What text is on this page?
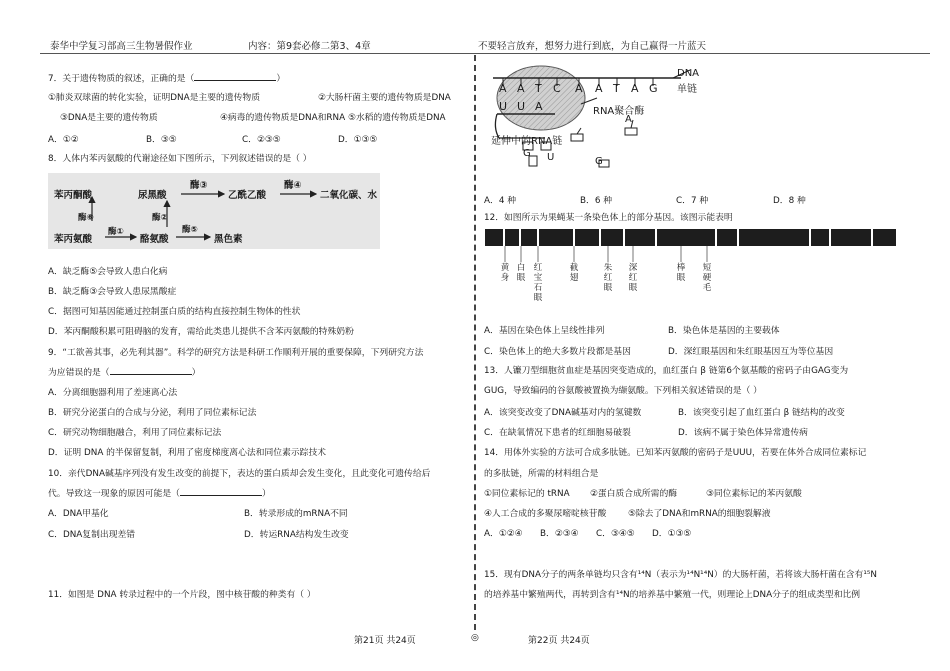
泰华中学复习部高三生物暑假作业	内容：第9套必修二第3、4章	不要轻言放弃，想努力进行到底，为自己赢得一片蓝天
7．关于遗传物质的叙述，正确的是（	）
①肺炎双球菌的转化实验，证明DNA是主要的遗传物质	②大肠杆菌主要的遗传物质是DNA
③DNA是主要的遗传物质	④病毒的遗传物质是DNA和RNA ⑤水稻的遗传物质是DNA
A．①②	B．③⑤	C．②③⑤	D．①③⑤
8．人体内苯丙氨酸的代谢途径如下图所示，下列叙述错误的是（ ）
苯丙酮酸	尿黑酸
酶③
乙酰乙酸
酶④
二氧化碳、水
酶⑥	酶②
苯丙氨酸
酶①
酪氨酸
酶⑤
黑色素
A．缺乏酶⑤会导致人患白化病
B．缺乏酶③会导致人患尿黑酸症
C．据图可知基因能通过控制蛋白质的结构直接控制生物体的性状
D．苯丙酮酸积累可阻碍脑的发育，需给此类患儿提供不含苯丙氨酸的特殊奶粉
9．“工欲善其事，必先利其器”。科学的研究方法是科研工作顺利开展的重要保障，下列研究方法
为应错误的是（	）
A．分离细胞器利用了差速离心法
B．研究分泌蛋白的合成与分泌，利用了同位素标记法
C．研究动物细胞融合，利用了同位素标记法
D．证明 DNA 的半保留复制，利用了密度梯度离心法和同位素示踪技术
10．亲代DNA碱基序列没有发生改变的前提下，表达的蛋白质却会发生变化，且此变化可遗传给后
代。导致这一现象的原因可能是（	）
A．DNA甲基化	B．转录形成的mRNA不同
C．DNA复制出现差错	D．转运RNA结构发生改变
11．如图是 DNA 转录过程中的一个片段，图中核苷酸的种类有（ ）
A A T C A A T A G
U U A
DNA
单链
RNA聚合酶
A
延伸中的RNA链
G U	G
A．4 种	B．6 种	C．7 种	D．8 种
12．如图所示为果蝇某一条染色体上的部分基因。该图示能表明
黄身
白眼
红宝石眼
截翅
朱红眼
深红眼
棒眼
短硬毛
A．基因在染色体上呈线性排列	B．染色体是基因的主要载体
C．染色体上的绝大多数片段都是基因	D．深红眼基因和朱红眼基因互为等位基因
13．人镰刀型细胞贫血症是基因突变造成的，血红蛋白 β 链第6个氨基酸的密码子由GAG变为
GUG，导致编码的谷氨酸被置换为缬氨酸。下列相关叙述错误的是（ ）
A．该突变改变了DNA碱基对内的氢键数	B．该突变引起了血红蛋白 β 链结构的改变
C．在缺氧情况下患者的红细胞易破裂	D．该病不属于染色体异常遗传病
14．用体外实验的方法可合成多肽链。已知苯丙氨酸的密码子是UUU，若要在体外合成同位素标记
的多肽链，所需的材料组合是
①同位素标记的 tRNA ②蛋白质合成所需的酶	③同位素标记的苯丙氨酸
④人工合成的多聚尿嘧啶核苷酸 ⑤除去了DNA和mRNA的细胞裂解液
A．①②④ B．②③④ C．③④⑤ D．①③⑤
15．现有DNA分子的两条单链均只含有¹⁴N（表示为¹⁴N¹⁴N）的大肠杆菌，若将该大肠杆菌在含有¹⁵N
的培养基中繁殖两代，再转到含有¹⁴N的培养基中繁殖一代，则理论上DNA分子的组成类型和比例
第21页 共24页	◎	第22页 共24页
